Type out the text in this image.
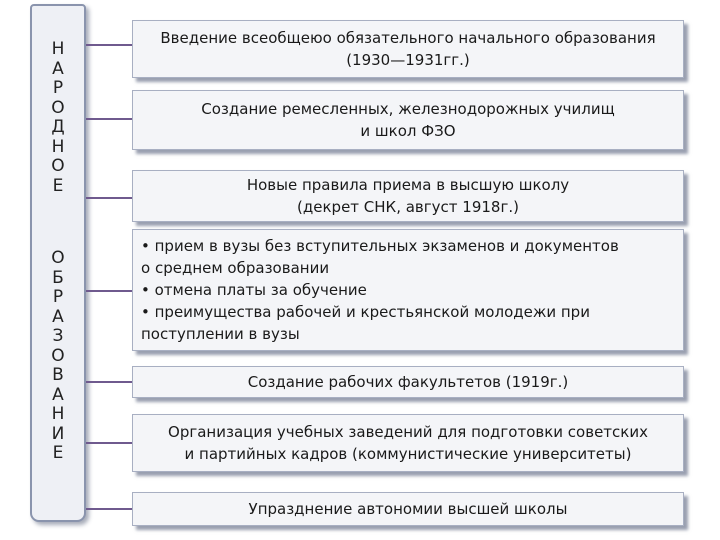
Н
А
Р
О
Д
Н
О
Е
О
Б
Р
А
З
О
В
А
Н
И
Е
Введение всеобщеюо обязательного начального образования
(1930—1931гг.)
Создание ремесленных, железнодорожных училищ
и школ ФЗО
Новые правила приема в высшую школу
(декрет СНК, август 1918г.)
• прием в вузы без вступительных экзаменов и документов
о среднем образовании
• отмена платы за обучение
• преимущества рабочей и крестьянской молодежи при
поступлении в вузы
Создание рабочих факультетов (1919г.)
Организация учебных заведений для подготовки советских
и партийных кадров (коммунистические университеты)
Упразднение автономии высшей школы
